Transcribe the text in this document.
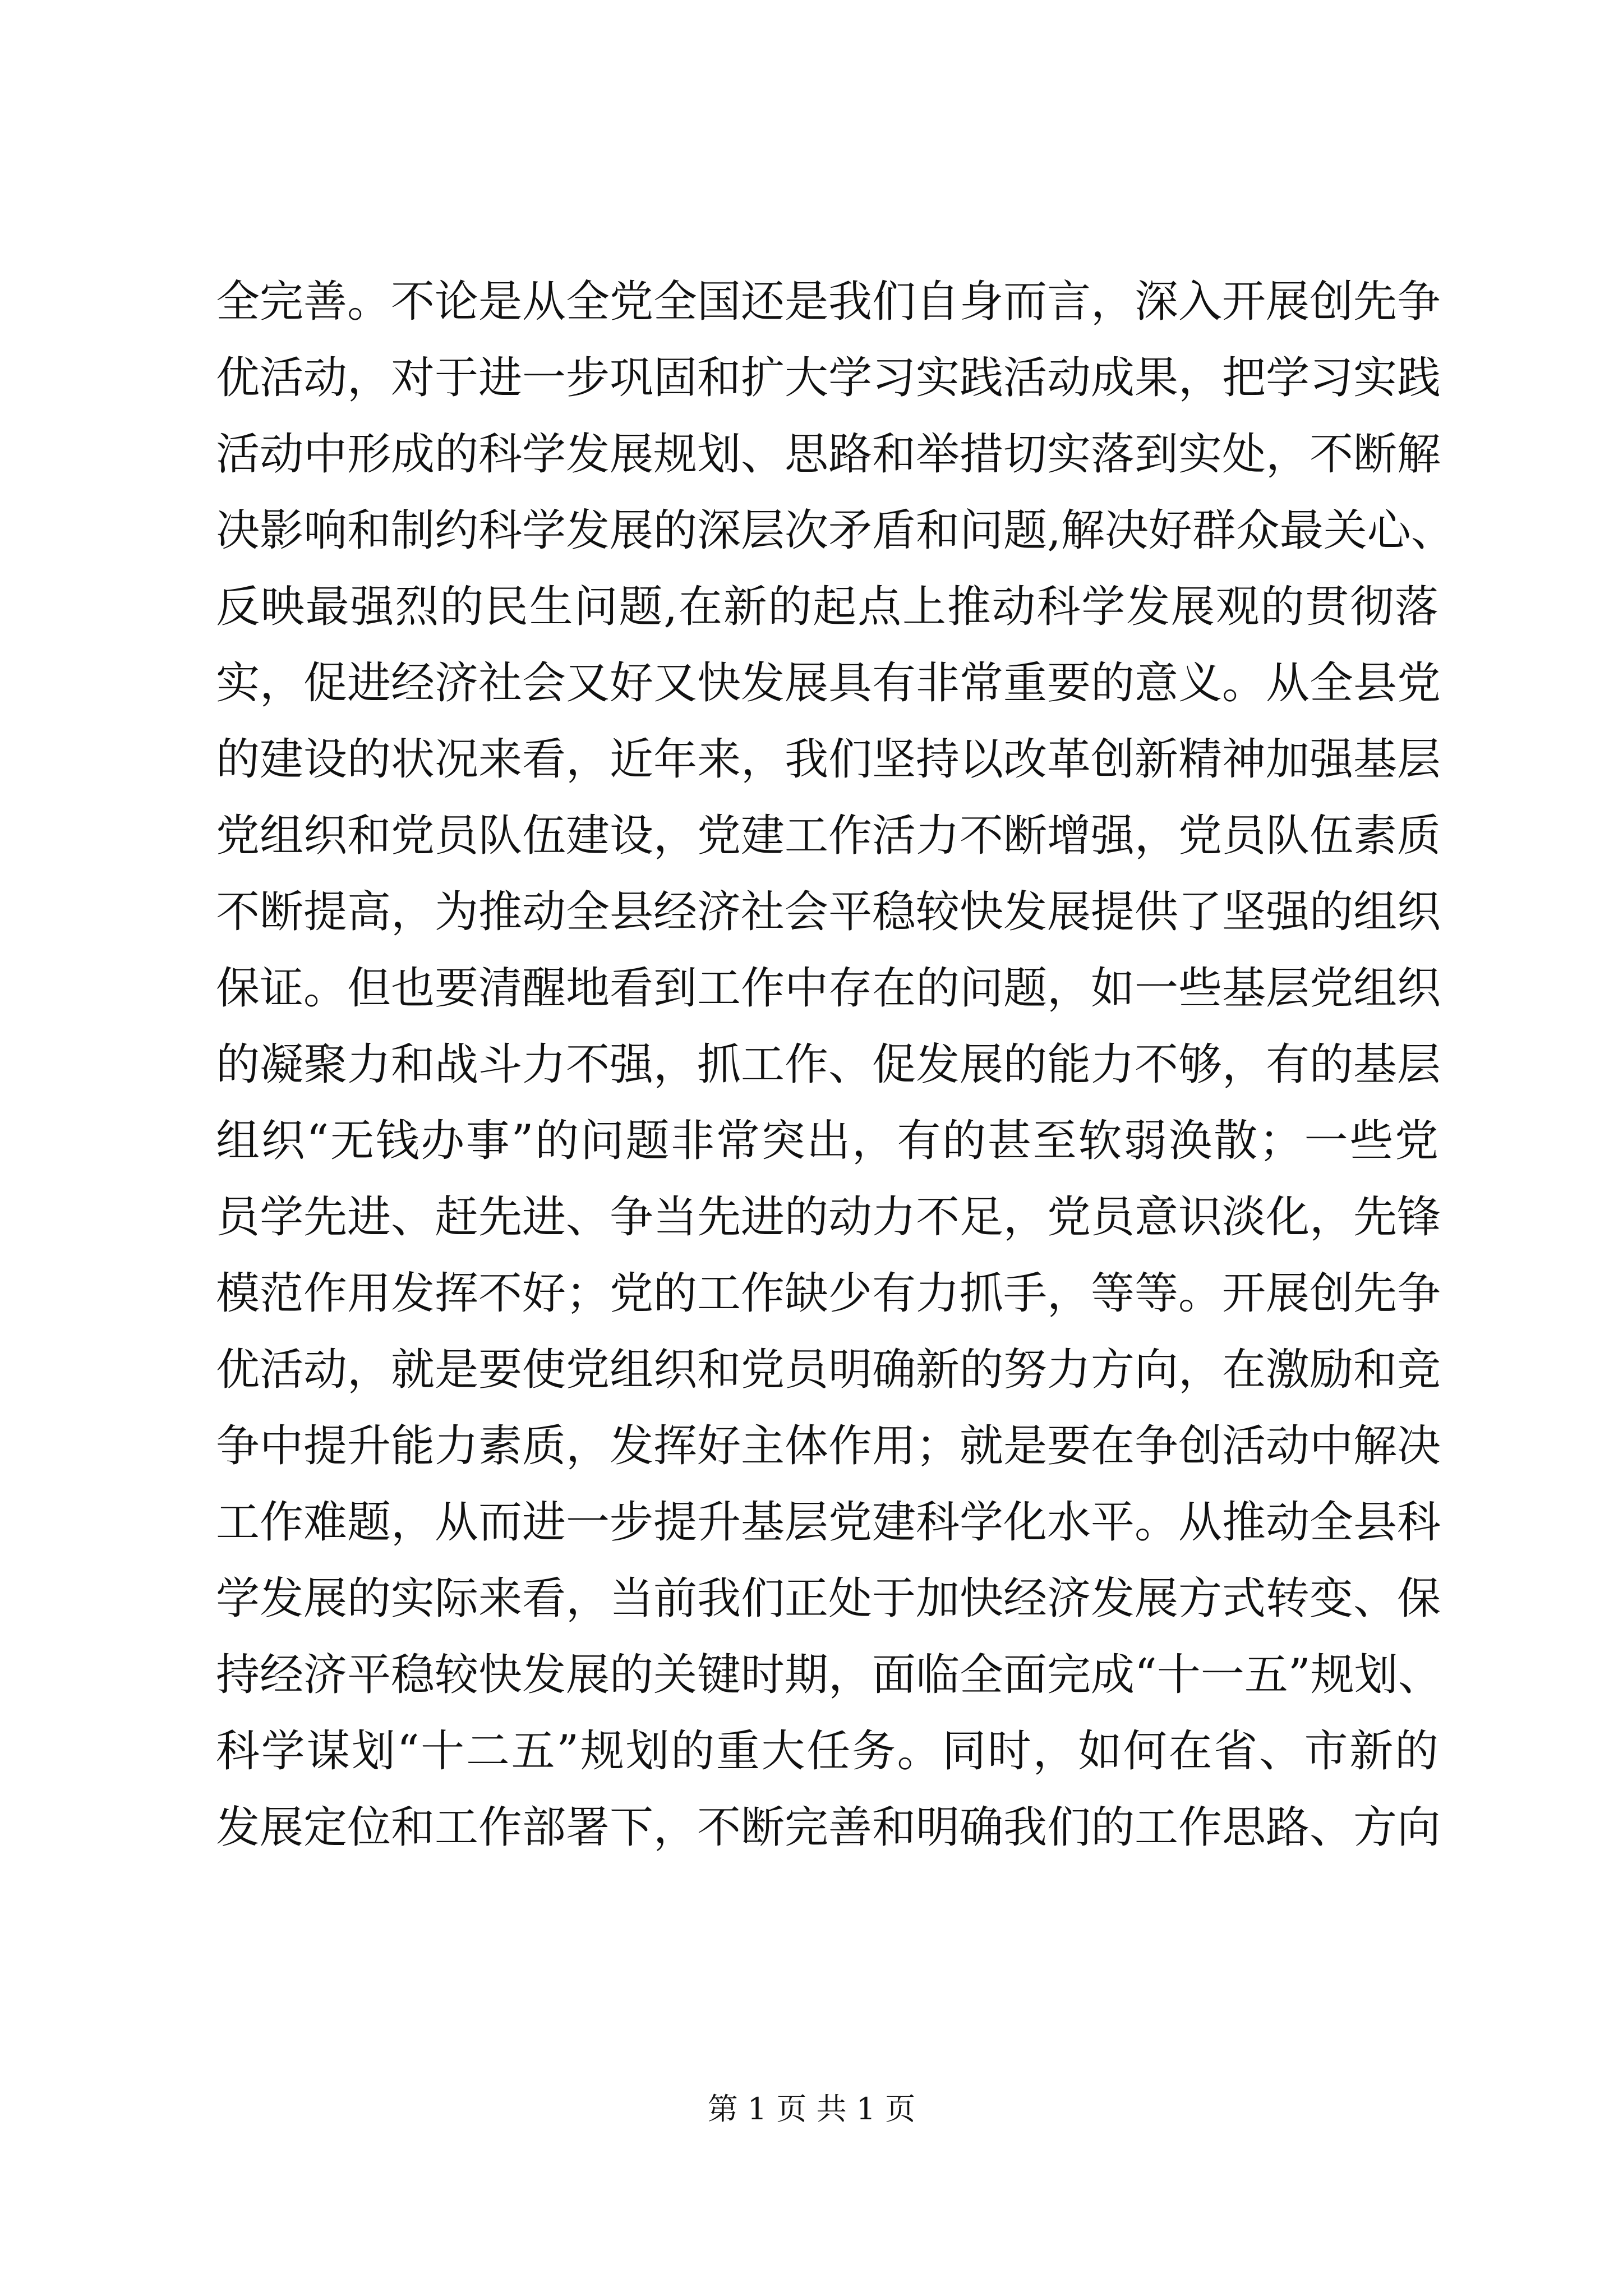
全完善。不论是从全党全国还是我们自身而言，深入开展创先争
优活动，对于进一步巩固和扩大学习实践活动成果，把学习实践
活动中形成的科学发展规划、思路和举措切实落到实处，不断解
决影响和制约科学发展的深层次矛盾和问题,解决好群众最关心、
反映最强烈的民生问题,在新的起点上推动科学发展观的贯彻落
实，促进经济社会又好又快发展具有非常重要的意义。从全县党
的建设的状况来看，近年来，我们坚持以改革创新精神加强基层
党组织和党员队伍建设，党建工作活力不断增强，党员队伍素质
不断提高，为推动全县经济社会平稳较快发展提供了坚强的组织
保证。但也要清醒地看到工作中存在的问题，如一些基层党组织
的凝聚力和战斗力不强，抓工作、促发展的能力不够，有的基层
组织“无钱办事”的问题非常突出，有的甚至软弱涣散；一些党
员学先进、赶先进、争当先进的动力不足，党员意识淡化，先锋
模范作用发挥不好；党的工作缺少有力抓手，等等。开展创先争
优活动，就是要使党组织和党员明确新的努力方向，在激励和竞
争中提升能力素质，发挥好主体作用；就是要在争创活动中解决
工作难题，从而进一步提升基层党建科学化水平。从推动全县科
学发展的实际来看，当前我们正处于加快经济发展方式转变、保
持经济平稳较快发展的关键时期，面临全面完成“十一五”规划、
科学谋划“十二五”规划的重大任务。同时，如何在省、市新的
发展定位和工作部署下，不断完善和明确我们的工作思路、方向
第 1 页 共 1 页
